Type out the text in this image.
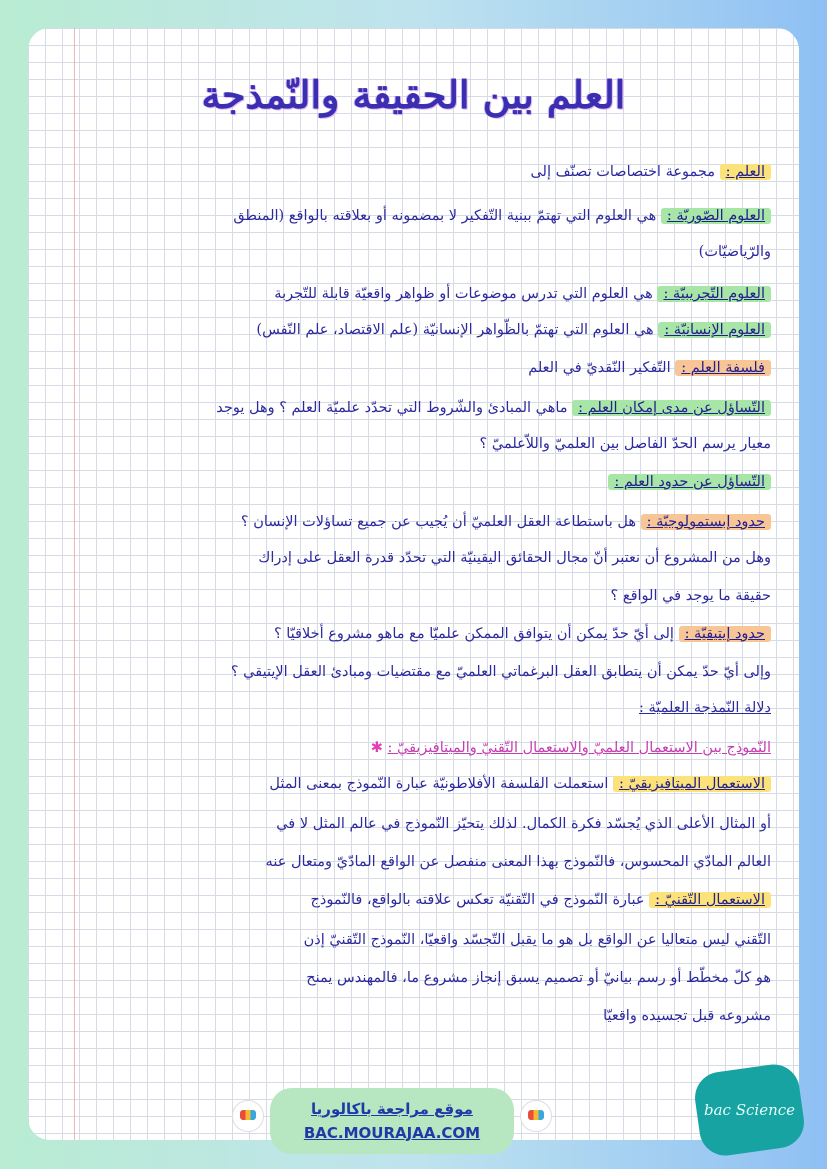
العلم بين الحقيقة والنّمذجة
العلم : مجموعة اختصاصات تصنّف إلى
العلوم الصّوريّة : هي العلوم التي تهتمّ ببنية التّفكير لا بمضمونه أو بعلاقته بالواقع (المنطق
والرّياضيّات)
العلوم التّجريبيّة : هي العلوم التي تدرس موضوعات أو ظواهر واقعيّة قابلة للتّجربة
العلوم الإنسانيّة : هي العلوم التي تهتمّ بالظّواهر الإنسانيّة (علم الاقتصاد، علم النّفس)
فلسفة العلم : التّفكير النّقديّ في العلم
التّساؤل عن مدى إمكان العلم : ماهي المبادئ والشّروط التي تحدّد علميّة العلم ؟ وهل يوجد
معيار يرسم الحدّ الفاصل بين العلميّ واللاّعلميّ ؟
التّساؤل عن حدود العلم :
حدود إبستمولوجيّة : هل باستطاعة العقل العلميّ أن يُجيب عن جميع تساؤلات الإنسان ؟
وهل من المشروع أن نعتبر أنّ مجال الحقائق اليقينيّة التي تحدّد قدرة العقل على إدراك
حقيقة ما يوجد في الواقع ؟
حدود إيتيقيّة : إلى أيّ حدّ يمكن أن يتوافق الممكن علميّا مع ماهو مشروع أخلاقيّا ؟
وإلى أيّ حدّ يمكن أن يتطابق العقل البرغماتي العلميّ مع مقتضيات ومبادئ العقل الإيتيقي ؟
دلالة النّمذجة العلميّة :
النّموذج بين الاستعمال العلميّ والاستعمال التّقنيّ والميتافيزيقيّ : ✱
الاستعمال الميتافيزيقيّ : استعملت الفلسفة الأفلاطونيّة عبارة النّموذج بمعنى المثل
أو المثال الأعلى الذي يُجسّد فكرة الكمال. لذلك يتحيّز النّموذج في عالم المثل لا في
العالم المادّي المحسوس، فالنّموذج بهذا المعنى منفصل عن الواقع المادّيّ ومتعال عنه
الاستعمال التّقنيّ : عبارة النّموذج في التّقنيّة تعكس علاقته بالواقع، فالنّموذج
التّقني ليس متعاليا عن الواقع بل هو ما يقبل التّجسّد واقعيّا، النّموذج التّقنيّ إذن
هو كلّ مخطّط أو رسم بيانيّ أو تصميم يسبق إنجاز مشروع ما، فالمهندس يمنح
مشروعه قبل تجسيده واقعيّا
موقع مراجعة باكالوريا
BAC.MOURAJAA.COM
bac Science
